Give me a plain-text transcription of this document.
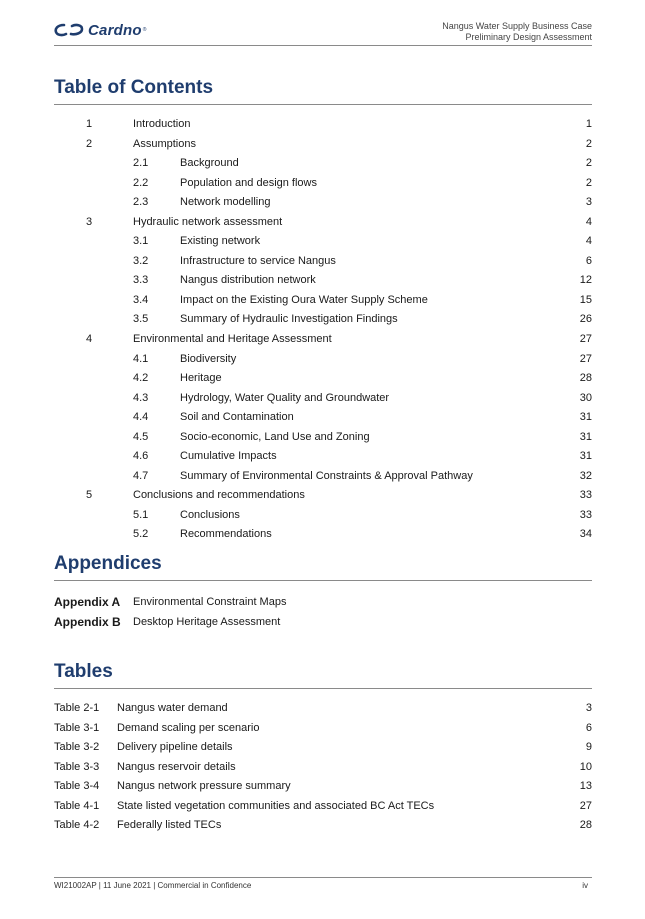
Cardno ®	Nangus Water Supply Business Case
Preliminary Design Assessment
Table of Contents
1	Introduction	1
2	Assumptions	2
2.1	Background	2
2.2	Population and design flows	2
2.3	Network modelling	3
3	Hydraulic network assessment	4
3.1	Existing network	4
3.2	Infrastructure to service Nangus	6
3.3	Nangus distribution network	12
3.4	Impact on the Existing Oura Water Supply Scheme	15
3.5	Summary of Hydraulic Investigation Findings	26
4	Environmental and Heritage Assessment	27
4.1	Biodiversity	27
4.2	Heritage	28
4.3	Hydrology, Water Quality and Groundwater	30
4.4	Soil and Contamination	31
4.5	Socio-economic, Land Use and Zoning	31
4.6	Cumulative Impacts	31
4.7	Summary of Environmental Constraints & Approval Pathway	32
5	Conclusions and recommendations	33
5.1	Conclusions	33
5.2	Recommendations	34
Appendices
Appendix A Environmental Constraint Maps
Appendix B Desktop Heritage Assessment
Tables
Table 2-1 Nangus water demand	3
Table 3-1 Demand scaling per scenario	6
Table 3-2 Delivery pipeline details	9
Table 3-3 Nangus reservoir details	10
Table 3-4 Nangus network pressure summary	13
Table 4-1 State listed vegetation communities and associated BC Act TECs	27
Table 4-2 Federally listed TECs	28
WI21002AP | 11 June 2021 | Commercial in Confidence	iv
